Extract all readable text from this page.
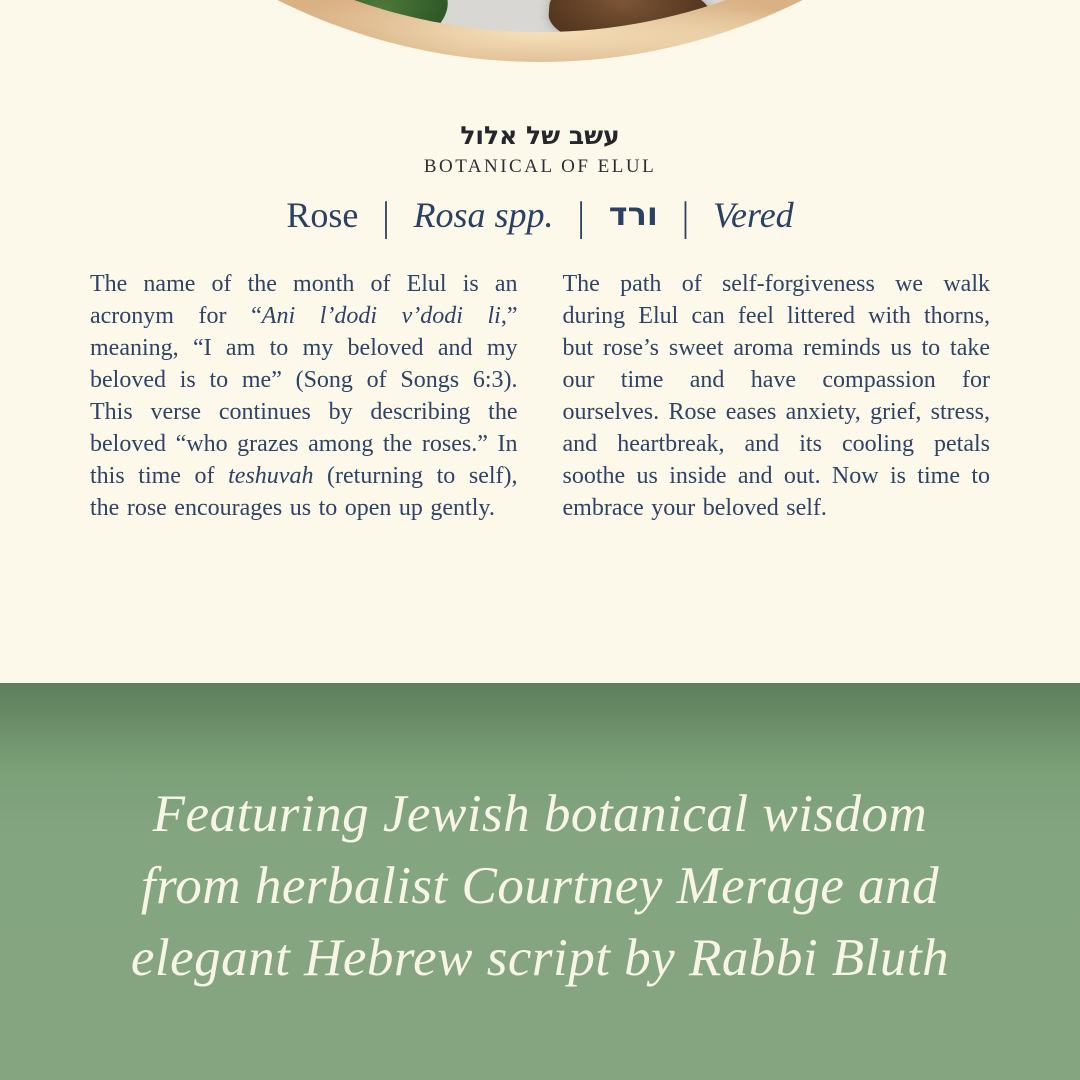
עשב של אלול
BOTANICAL OF ELUL
Rose | Rosa spp. | ורד | Vered

The name of the month of Elul is an acronym for “Ani l’dodi v’dodi li,” meaning, “I am to my beloved and my beloved is to me” (Song of Songs 6:3). This verse continues by describing the beloved “who grazes among the roses.” In this time of teshuvah (returning to self), the rose encourages us to open up gently.

The path of self-forgiveness we walk during Elul can feel littered with thorns, but rose’s sweet aroma reminds us to take our time and have compassion for ourselves. Rose eases anxiety, grief, stress, and heartbreak, and its cooling petals soothe us inside and out. Now is time to embrace your beloved self.

Featuring Jewish botanical wisdom
from herbalist Courtney Merage and
elegant Hebrew script by Rabbi Bluth
